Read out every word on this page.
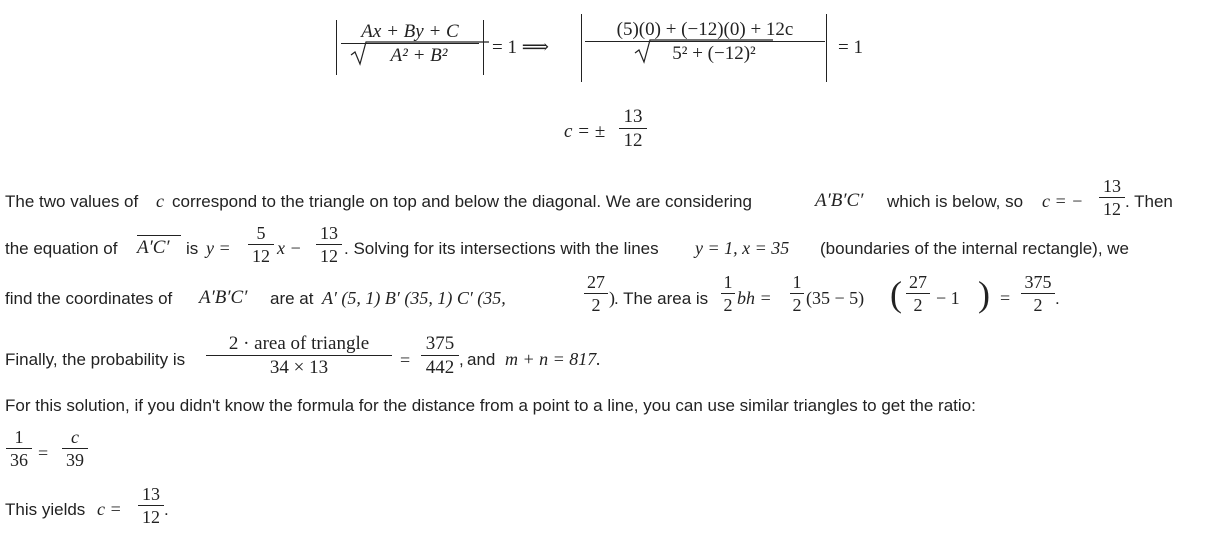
Ax + By + C
A² + B²	= 1 ⟹
(5)(0) + (−12)(0) + 12c
5² + (−12)²	= 1
c = ±
13
12
The two values of c correspond to the triangle on top and below the diagonal. We are considering	A′B′C′ which is below, so c = −
13
12 . Then
the equation of A′C′ is y =
5
12 x −
13
12 . Solving for its intersections with the lines y = 1, x = 35 (boundaries of the internal rectangle), we
find the coordinates of A′B′C′ are at A′ (5, 1) B′ (35, 1) C′ (35,
27
2 ) . The area is
1
2 bh =
1
2 (35 − 5) ( 27
2 − 1 ) =
375
2 .
Finally, the probability is
2 · area of triangle
34 × 13	=
375
442 , and m + n = 817.
For this solution, if you didn't know the formula for the distance from a point to a line, you can use similar triangles to get the ratio:
1
36 =
c
39
This yields c =
13
12 .
